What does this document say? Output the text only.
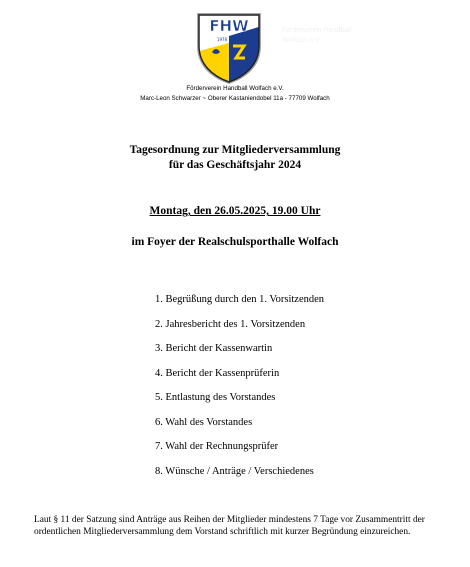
FHW
1978
Förderverein Handball
Wolfach e.V.
Förderverein Handball Wolfach e.V.
Marc-Leon Schwarzer ~ Oberer Kastaniendobel 11a - 77709 Wolfach
Tagesordnung zur Mitgliederversammlung
für das Geschäftsjahr 2024
Montag, den 26.05.2025, 19.00 Uhr
im Foyer der Realschulsporthalle Wolfach
1. Begrüßung durch den 1. Vorsitzenden
2. Jahresbericht des 1. Vorsitzenden
3. Bericht der Kassenwartin
4. Bericht der Kassenprüferin
5. Entlastung des Vorstandes
6. Wahl des Vorstandes
7. Wahl der Rechnungsprüfer
8. Wünsche / Anträge / Verschiedenes
Laut § 11 der Satzung sind Anträge aus Reihen der Mitglieder mindestens 7 Tage vor Zusammentritt der ordentlichen Mitgliederversammlung dem Vorstand schriftlich mit kurzer Begründung einzureichen.
